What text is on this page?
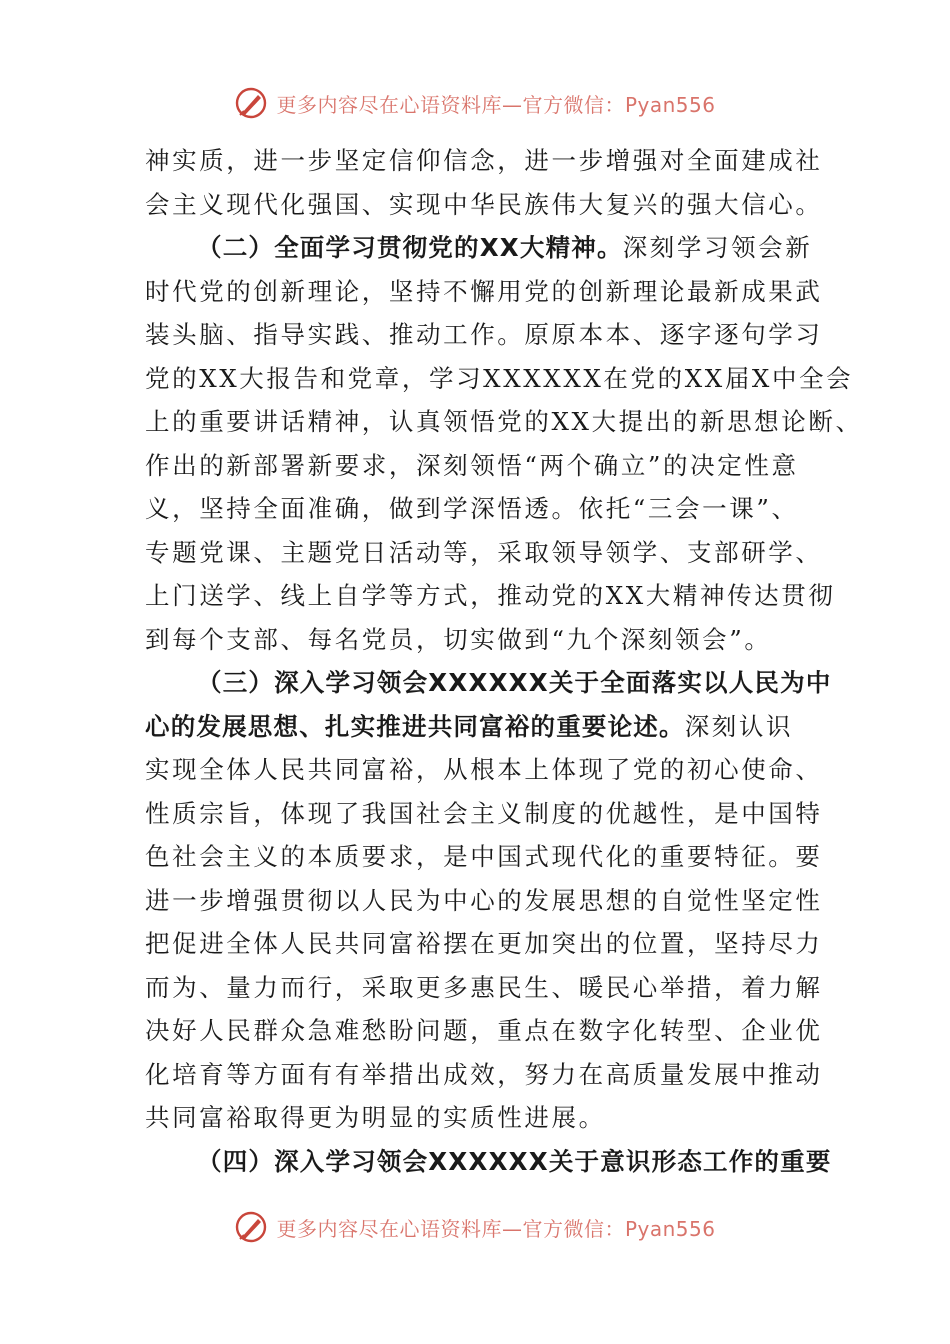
更多内容尽在心语资料库—官方微信：Pyan556
神实质，进一步坚定信仰信念，进一步增强对全面建成社
会主义现代化强国、实现中华民族伟大复兴的强大信心。
（二）全面学习贯彻党的XX大精神。深刻学习领会新
时代党的创新理论，坚持不懈用党的创新理论最新成果武
装头脑、指导实践、推动工作。原原本本、逐字逐句学习
党的XX大报告和党章，学习XXXXXX在党的XX届X中全会
上的重要讲话精神，认真领悟党的XX大提出的新思想论断、
作出的新部署新要求，深刻领悟“两个确立”的决定性意
义，坚持全面准确，做到学深悟透。依托“三会一课”、
专题党课、主题党日活动等，采取领导领学、支部研学、
上门送学、线上自学等方式，推动党的XX大精神传达贯彻
到每个支部、每名党员，切实做到“九个深刻领会”。
（三）深入学习领会XXXXXX关于全面落实以人民为中
心的发展思想、扎实推进共同富裕的重要论述。深刻认识
实现全体人民共同富裕，从根本上体现了党的初心使命、
性质宗旨，体现了我国社会主义制度的优越性，是中国特
色社会主义的本质要求，是中国式现代化的重要特征。要
进一步增强贯彻以人民为中心的发展思想的自觉性坚定性
把促进全体人民共同富裕摆在更加突出的位置，坚持尽力
而为、量力而行，采取更多惠民生、暖民心举措，着力解
决好人民群众急难愁盼问题，重点在数字化转型、企业优
化培育等方面有有举措出成效，努力在高质量发展中推动
共同富裕取得更为明显的实质性进展。
（四）深入学习领会XXXXXX关于意识形态工作的重要
更多内容尽在心语资料库—官方微信：Pyan556
